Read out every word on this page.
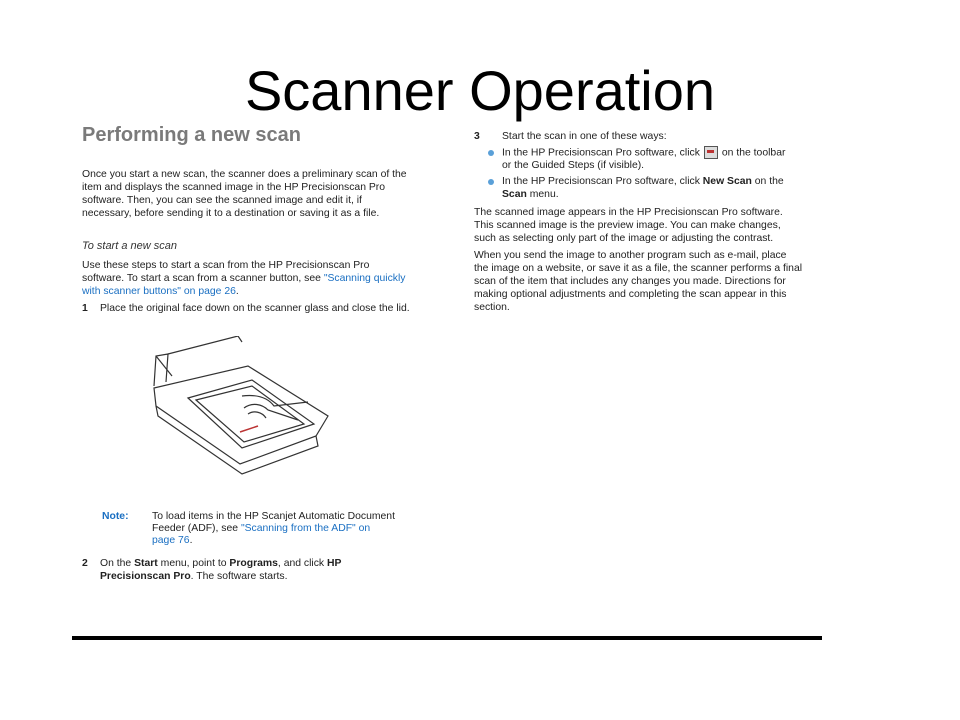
Scanner Operation
Performing a new scan
Once you start a new scan, the scanner does a preliminary scan of the
item and displays the scanned image in the HP Precisionscan Pro
software. Then, you can see the scanned image and edit it, if
necessary, before sending it to a destination or saving it as a file.
To start a new scan
Use these steps to start a scan from the HP Precisionscan Pro
software. To start a scan from a scanner button, see "Scanning quickly
with scanner buttons" on page 26.
1 Place the original face down on the scanner glass and close the lid.
Note: To load items in the HP Scanjet Automatic Document
Feeder (ADF), see "Scanning from the ADF" on
page 76.
2 On the Start menu, point to Programs, and click HP
Precisionscan Pro. The software starts.
3 Start the scan in one of these ways:
In the HP Precisionscan Pro software, click on the toolbar
or the Guided Steps (if visible).
In the HP Precisionscan Pro software, click New Scan on the
Scan menu.
The scanned image appears in the HP Precisionscan Pro software.
This scanned image is the preview image. You can make changes,
such as selecting only part of the image or adjusting the contrast.
When you send the image to another program such as e-mail, place
the image on a website, or save it as a file, the scanner performs a final
scan of the item that includes any changes you made. Directions for
making optional adjustments and completing the scan appear in this
section.
